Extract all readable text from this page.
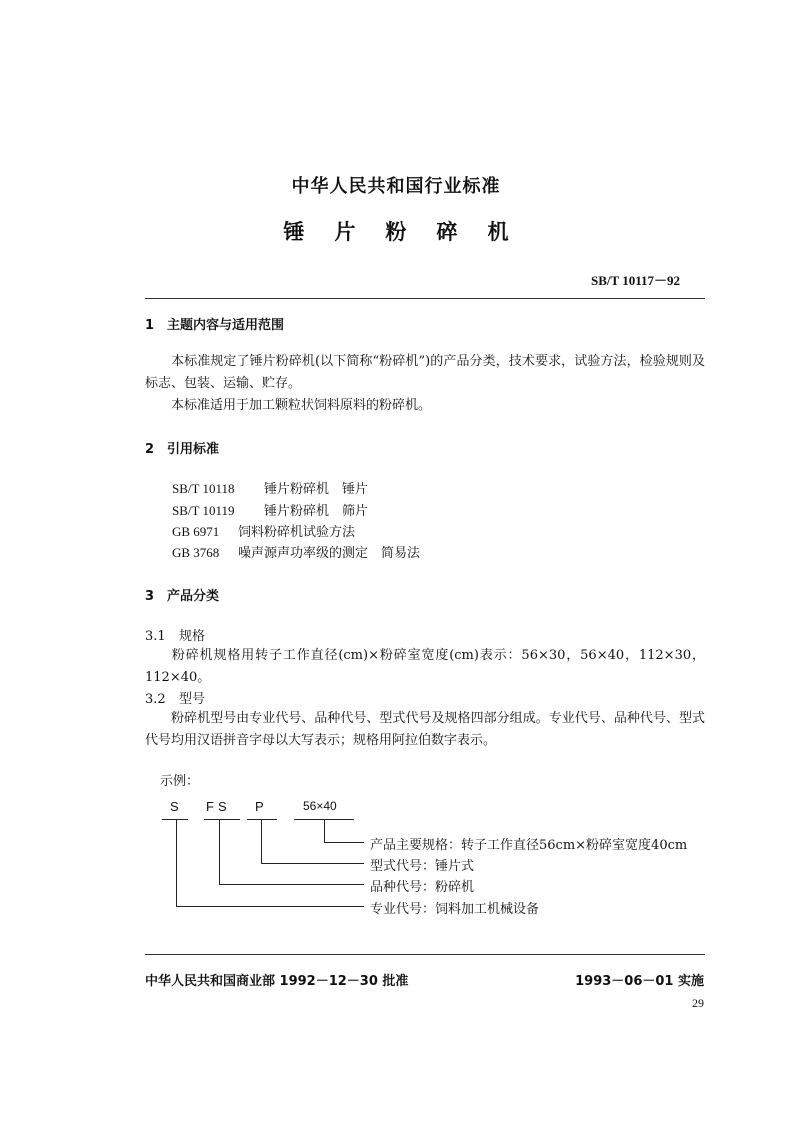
中华人民共和国行业标准
锤片粉碎机
SB/T 10117－92
1 主题内容与适用范围
本标准规定了锤片粉碎机(以下简称“粉碎机”)的产品分类，技术要求，试验方法，检验规则及标志、包装、运输、贮存。
本标准适用于加工颗粒状饲料原料的粉碎机。
2 引用标准
SB/T 10118 锤片粉碎机　锤片
SB/T 10119 锤片粉碎机　筛片
GB 6971 饲料粉碎机试验方法
GB 3768 噪声源声功率级的测定　简易法
3 产品分类
3.1 规格
粉碎机规格用转子工作直径(cm)×粉碎室宽度(cm)表示：56×30，56×40，112×30，112×40。
3.2 型号
粉碎机型号由专业代号、品种代号、型式代号及规格四部分组成。专业代号、品种代号、型式代号均用汉语拼音字母以大写表示；规格用阿拉伯数字表示。
示例：
S FS P	56×40
产品主要规格：转子工作直径56cm×粉碎室宽度40cm
型式代号：锤片式
品种代号：粉碎机
专业代号：饲料加工机械设备
中华人民共和国商业部 1992－12－30 批准	1993－06－01 实施
29
